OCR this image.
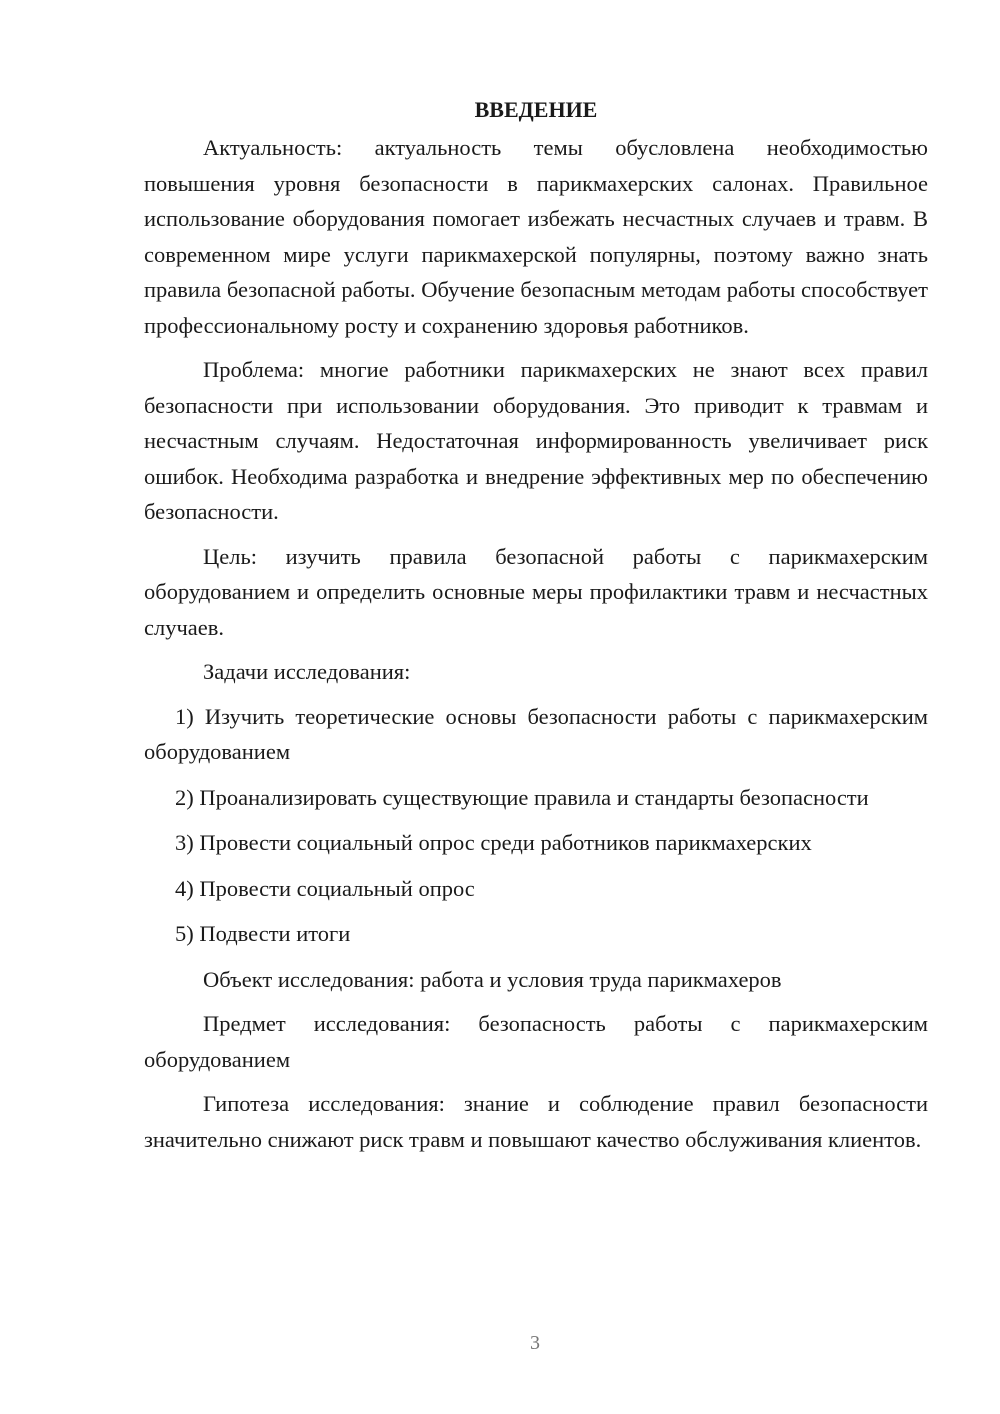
ВВЕДЕНИЕ

Актуальность: актуальность темы обусловлена необходимостью повышения уровня безопасности в парикмахерских салонах. Правильное использование оборудования помогает избежать несчастных случаев и травм. В современном мире услуги парикмахерской популярны, поэтому важно знать правила безопасной работы. Обучение безопасным методам работы способствует профессиональному росту и сохранению здоровья работников.

Проблема: многие работники парикмахерских не знают всех правил безопасности при использовании оборудования. Это приводит к травмам и несчастным случаям. Недостаточная информированность увеличивает риск ошибок. Необходима разработка и внедрение эффективных мер по обеспечению безопасности.

Цель: изучить правила безопасной работы с парикмахерским оборудованием и определить основные меры профилактики травм и несчастных случаев.

Задачи исследования:

1) Изучить теоретические основы безопасности работы с парикмахерским оборудованием

2) Проанализировать существующие правила и стандарты безопасности

3) Провести социальный опрос среди работников парикмахерских

4) Провести социальный опрос

5) Подвести итоги

Объект исследования: работа и условия труда парикмахеров

Предмет исследования: безопасность работы с парикмахерским оборудованием

Гипотеза исследования: знание и соблюдение правил безопасности значительно снижают риск травм и повышают качество обслуживания клиентов.

3
